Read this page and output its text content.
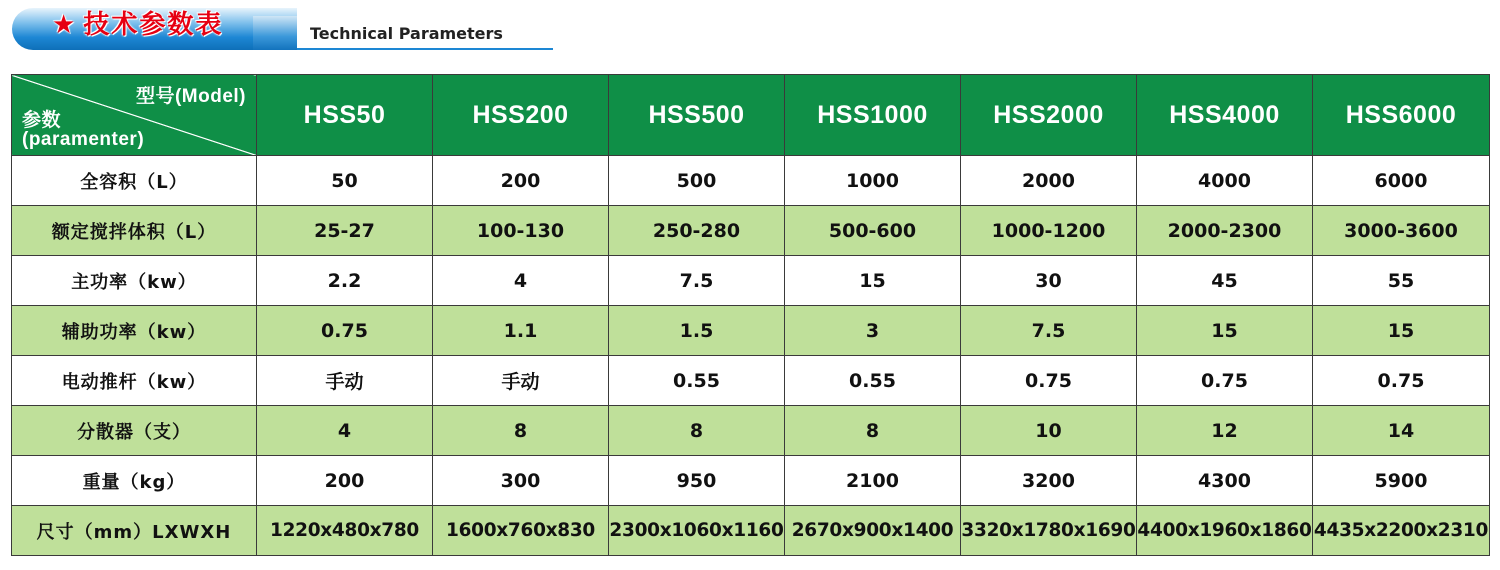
★ 技术参数表	Technical Parameters
型号(Model)
参数
(paramenter)	HSS50	HSS200	HSS500	HSS1000	HSS2000	HSS4000	HSS6000
全容积（L）	50	200	500	1000	2000	4000	6000
额定搅拌体积（L）	25-27	100-130	250-280	500-600	1000-1200	2000-2300	3000-3600
主功率（kw）	2.2	4	7.5	15	30	45	55
辅助功率（kw）	0.75	1.1	1.5	3	7.5	15	15
电动推杆（kw）	手动	手动	0.55	0.55	0.75	0.75	0.75
分散器（支）	4	8	8	8	10	12	14
重量（kg）	200	300	950	2100	3200	4300	5900
尺寸（mm）LXWXH	1220x480x780	1600x760x830	2300x1060x1160	2670x900x1400	3320x1780x1690	4400x1960x1860	4435x2200x2310
